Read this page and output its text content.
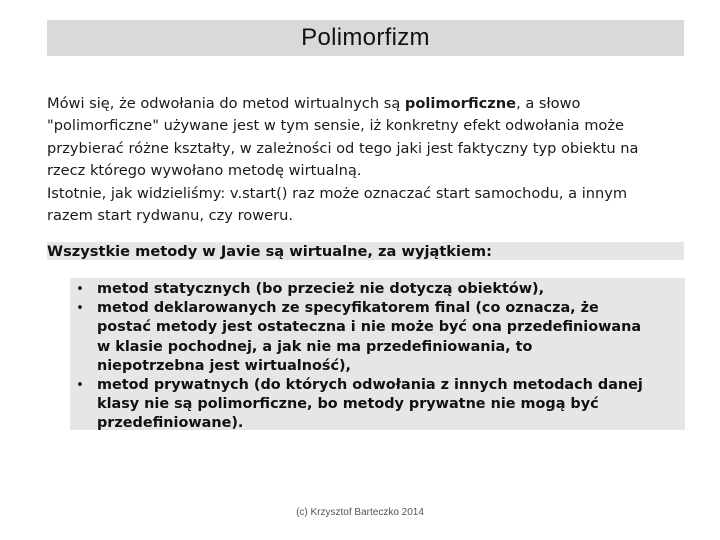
Polimorfizm

Mówi się, że odwołania do metod wirtualnych są polimorficzne, a słowo
"polimorficzne" używane jest w tym sensie, iż konkretny efekt odwołania może
przybierać różne kształty, w zależności od tego jaki jest faktyczny typ obiektu na
rzecz którego wywołano metodę wirtualną.

Istotnie, jak widzieliśmy: v.start() raz może oznaczać start samochodu, a innym
razem start rydwanu, czy roweru.

Wszystkie metody w Javie są wirtualne, za wyjątkiem:
• metod statycznych (bo przecież nie dotyczą obiektów),
• metod deklarowanych ze specyfikatorem final (co oznacza, że
postać metody jest ostateczna i nie może być ona przedefiniowana
w klasie pochodnej, a jak nie ma przedefiniowania, to
niepotrzebna jest wirtualność),
• metod prywatnych (do których odwołania z innych metodach danej
klasy nie są polimorficzne, bo metody prywatne nie mogą być
przedefiniowane).
(c) Krzysztof Barteczko 2014
